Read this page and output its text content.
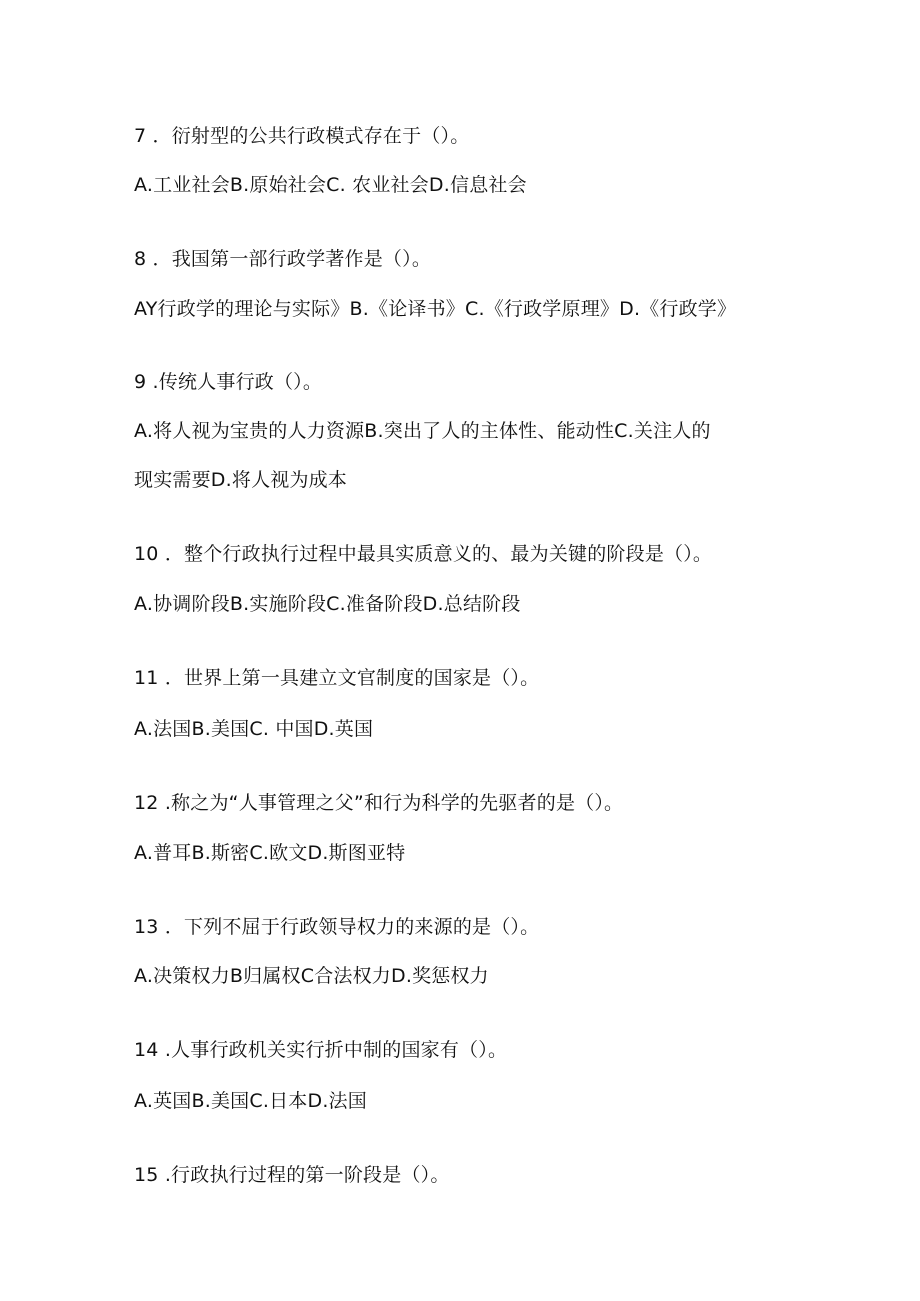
7 ．衍射型的公共行政模式存在于（）。
A.工业社会B.原始社会C. 农业社会D.信息社会
8 ．我国第一部行政学著作是（）。
AY行政学的理论与实际》B.《论译书》C.《行政学原理》D.《行政学》
9 .传统人事行政（）。
A.将人视为宝贵的人力资源B.突出了人的主体性、能动性C.关注人的
现实需要D.将人视为成本
10 ．整个行政执行过程中最具实质意义的、最为关键的阶段是（）。
A.协调阶段B.实施阶段C.准备阶段D.总结阶段
11 ．世界上第一具建立文官制度的国家是（）。
A.法国B.美国C. 中国D.英国
12 .称之为“人事管理之父”和行为科学的先驱者的是（）。
A.普耳B.斯密C.欧文D.斯图亚特
13 ．下列不屈于行政领导权力的来源的是（）。
A.决策权力B归属权C合法权力D.奖惩权力
14 .人事行政机关实行折中制的国家有（）。
A.英国B.美国C.日本D.法国
15 .行政执行过程的第一阶段是（）。
